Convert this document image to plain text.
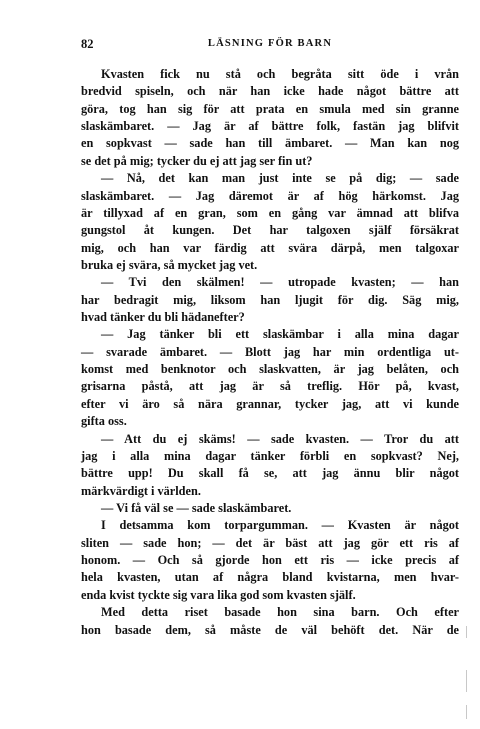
82	LÄSNING FÖR BARN
Kvasten fick nu stå och begråta sitt öde i vrån
bredvid spiseln, och när han icke hade något bättre att
göra, tog han sig för att prata en smula med sin granne
slaskämbaret. — Jag är af bättre folk, fastän jag blifvit
en sopkvast — sade han till ämbaret. — Man kan nog
se det på mig; tycker du ej att jag ser fin ut?
— Nå, det kan man just inte se på dig; — sade
slaskämbaret. — Jag däremot är af hög härkomst. Jag
är tillyxad af en gran, som en gång var ämnad att blifva
gungstol åt kungen. Det har talgoxen själf försäkrat
mig, och han var färdig att svära därpå, men talgoxar
bruka ej svära, så mycket jag vet.
— Tvi den skälmen! — utropade kvasten; — han
har bedragit mig, liksom han ljugit för dig. Säg mig,
hvad tänker du bli hädanefter?
— Jag tänker bli ett slaskämbar i alla mina dagar
— svarade ämbaret. — Blott jag har min ordentliga ut-
komst med benknotor och slaskvatten, är jag belåten, och
grisarna påstå, att jag är så treflig. Hör på, kvast,
efter vi äro så nära grannar, tycker jag, att vi kunde
gifta oss.
— Att du ej skäms! — sade kvasten. — Tror du att
jag i alla mina dagar tänker förbli en sopkvast? Nej,
bättre upp! Du skall få se, att jag ännu blir något
märkvärdigt i världen.
— Vi få väl se — sade slaskämbaret.
I detsamma kom torpargumman. — Kvasten är något
sliten — sade hon; — det är bäst att jag gör ett ris af
honom. — Och så gjorde hon ett ris — icke precis af
hela kvasten, utan af några bland kvistarna, men hvar-
enda kvist tyckte sig vara lika god som kvasten själf.
Med detta riset basade hon sina barn. Och efter
hon basade dem, så måste de väl behöft det. När de
